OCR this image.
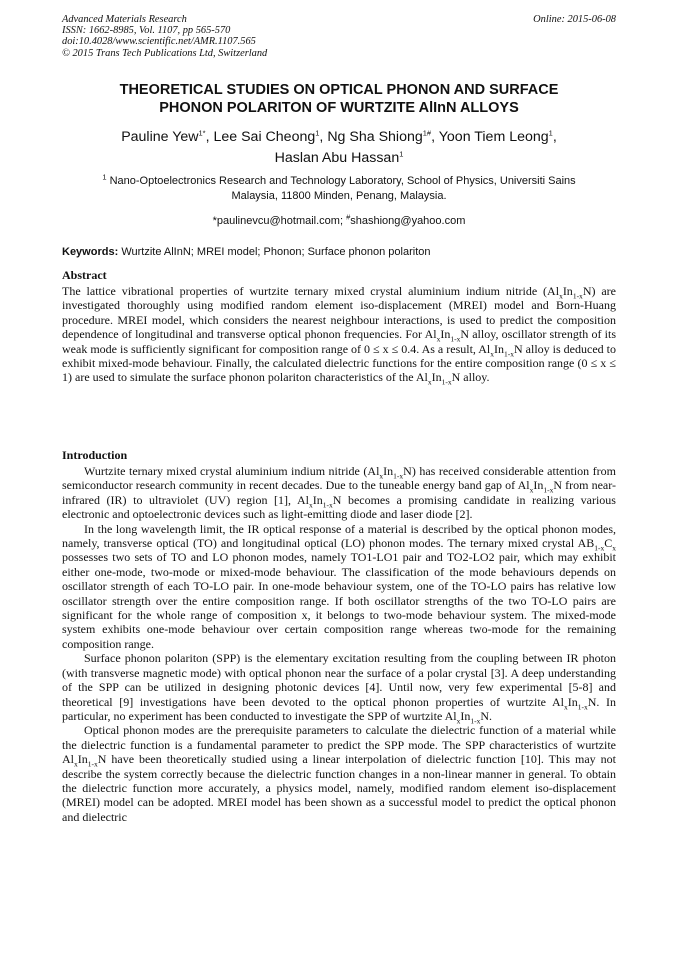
Advanced Materials Research
ISSN: 1662-8985, Vol. 1107, pp 565-570
doi:10.4028/www.scientific.net/AMR.1107.565
© 2015 Trans Tech Publications Ltd, Switzerland
Online: 2015-06-08
THEORETICAL STUDIES ON OPTICAL PHONON AND SURFACE
PHONON POLARITON OF WURTZITE AlInN ALLOYS
Pauline Yew$^{1*}$, Lee Sai Cheong$^1$, Ng Sha Shiong$^{1\#}$, Yoon Tiem Leong$^1$,
Haslan Abu Hassan$^1$
$^1$ Nano-Optoelectronics Research and Technology Laboratory, School of Physics, Universiti Sains
Malaysia, 11800 Minden, Penang, Malaysia.
*paulinevcu@hotmail.com; #shashiong@yahoo.com
Keywords: Wurtzite AlInN; MREI model; Phonon; Surface phonon polariton
Abstract

The lattice vibrational properties of wurtzite ternary mixed crystal aluminium indium nitride $(Al_xIn_{1-x}N)$ are investigated thoroughly using modified random element iso-displacement (MREI) model and Born-Huang procedure. MREI model, which considers the nearest neighbour interactions, is used to predict the composition dependence of longitudinal and transverse optical phonon frequencies. For $Al_xIn_{1-x}N$ alloy, oscillator strength of its weak mode is sufficiently significant for composition range of 0 ≤ x ≤ 0.4. As a result, $Al_xIn_{1-x}N$ alloy is deduced to exhibit mixed-mode behaviour. Finally, the calculated dielectric functions for the entire composition range (0 ≤ x ≤ 1) are used to simulate the surface phonon polariton characteristics of the $Al_xIn_{1-x}N$ alloy.

Introduction

Wurtzite ternary mixed crystal aluminium indium nitride $(Al_xIn_{1-x}N)$ has received considerable attention from semiconductor research community in recent decades. Due to the tuneable energy band gap of $Al_xIn_{1-x}N$ from near-infrared (IR) to ultraviolet (UV) region [1], $Al_xIn_{1-x}N$ becomes a promising candidate in realizing various electronic and optoelectronic devices such as light-emitting diode and laser diode [2].

In the long wavelength limit, the IR optical response of a material is described by the optical phonon modes, namely, transverse optical (TO) and longitudinal optical (LO) phonon modes. The ternary mixed crystal $AB_{1-x}C_x$ possesses two sets of TO and LO phonon modes, namely TO1-LO1 pair and TO2-LO2 pair, which may exhibit either one-mode, two-mode or mixed-mode behaviour. The classification of the mode behaviours depends on oscillator strength of each TO-LO pair. In one-mode behaviour system, one of the TO-LO pairs has relative low oscillator strength over the entire composition range. If both oscillator strengths of the two TO-LO pairs are significant for the whole range of composition x, it belongs to two-mode behaviour system. The mixed-mode system exhibits one-mode behaviour over certain composition range whereas two-mode for the remaining composition range.

Surface phonon polariton (SPP) is the elementary excitation resulting from the coupling between IR photon (with transverse magnetic mode) with optical phonon near the surface of a polar crystal [3]. A deep understanding of the SPP can be utilized in designing photonic devices [4]. Until now, very few experimental [5-8] and theoretical [9] investigations have been devoted to the optical phonon properties of wurtzite $Al_xIn_{1-x}N$. In particular, no experiment has been conducted to investigate the SPP of wurtzite $Al_xIn_{1-x}N$.

Optical phonon modes are the prerequisite parameters to calculate the dielectric function of a material while the dielectric function is a fundamental parameter to predict the SPP mode. The SPP characteristics of wurtzite $Al_xIn_{1-x}N$ have been theoretically studied using a linear interpolation of dielectric function [10]. This may not describe the system correctly because the dielectric function changes in a non-linear manner in general. To obtain the dielectric function more accurately, a physics model, namely, modified random element iso-displacement (MREI) model can be adopted. MREI model has been shown as a successful model to predict the optical phonon and dielectric
